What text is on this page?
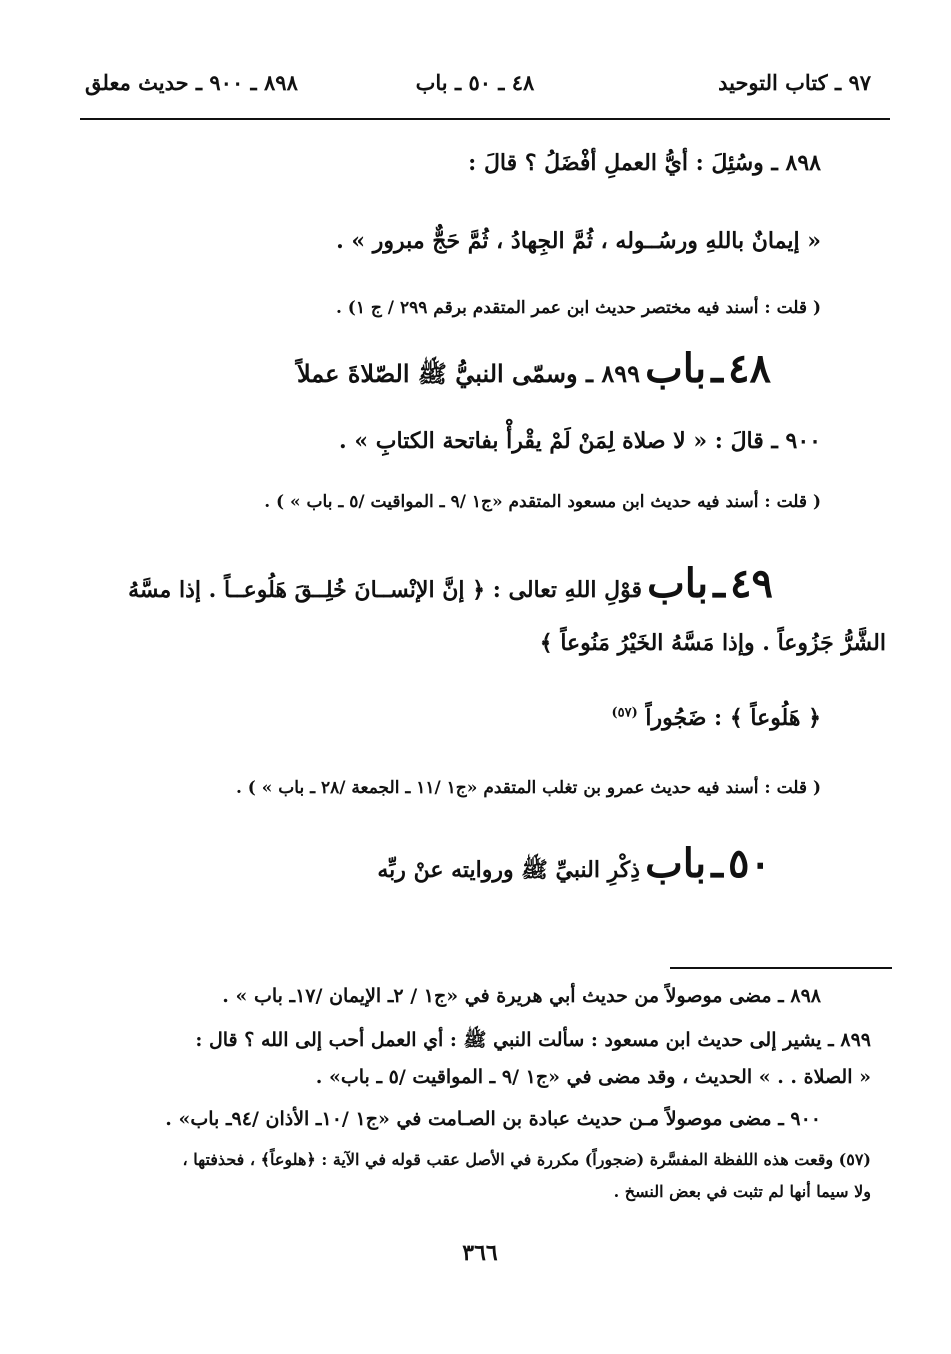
٩٧ ـ كتاب التوحيد
٤٨ ـ ٥٠ ـ باب
٨٩٨ ـ ٩٠٠ ـ حديث معلق
٨٩٨ ـ وسُئِلَ : أيُّ العملِ أفْضَلُ ؟ قالَ :
« إيمانٌ باللهِ ورسُــوله ، ثُمَّ الجِهادُ ، ثُمَّ حَجٌّ مبرور » .
( قلت : أسند فيه مختصر حديث ابن عمر المتقدم برقم ٢٩٩ / ج ١) .
٤٨ ـ باب ٨٩٩ ـ وسمّى النبيُّ ﷺ الصّلاةَ عملاً
٩٠٠ ـ قالَ : « لا صلاة لِمَنْ لَمْ يقْرأْ بفاتحة الكتابِ » .
( قلت : أسند فيه حديث ابن مسعود المتقدم «ج١ /٩ ـ المواقيت /٥ ـ باب » ) .
٤٩ ـ باب قوْلِ اللهِ تعالى : ﴿ إنَّ الإنْســانَ خُلِــقَ هَلُوعــاً . إذا مسَّهُ
الشَّرُّ جَزُوعاً . وإذا مَسَّهُ الخَيْرُ مَنُوعاً ﴾
﴿ هَلُوعاً ﴾ : ضَجُوراً $^{(٥٧)}$
( قلت : أسند فيه حديث عمرو بن تغلب المتقدم «ج١ /١١ ـ الجمعة /٢٨ ـ باب » ) .
٥٠ ـ باب ذِكْرِ النبيِّ ﷺ وروايته عنْ ربِّه
٨٩٨ ـ مضى موصولاً من حديث أبي هريرة في «ج١ / ٢ـ الإيمان /١٧ـ باب » .
٨٩٩ ـ يشير إلى حديث ابن مسعود : سألت النبي ﷺ : أي العمل أحب إلى الله ؟ قال :
« الصلاة . . » الحديث ، وقد مضى في «ج١ /٩ ـ المواقيت /٥ ـ باب» .
٩٠٠ ـ مضى موصولاً مـن حديث عبادة بن الصـامت في «ج١ /١٠ـ الأذان /٩٤ـ باب» .
(٥٧) وقعت هذه اللفظة المفسَّرة (ضجوراً) مكررة في الأصل عقب قوله في الآية : ﴿هلوعاً﴾ ، فحذفتها ،
ولا سيما أنها لم تثبت في بعض النسخ .
٣٦٦
